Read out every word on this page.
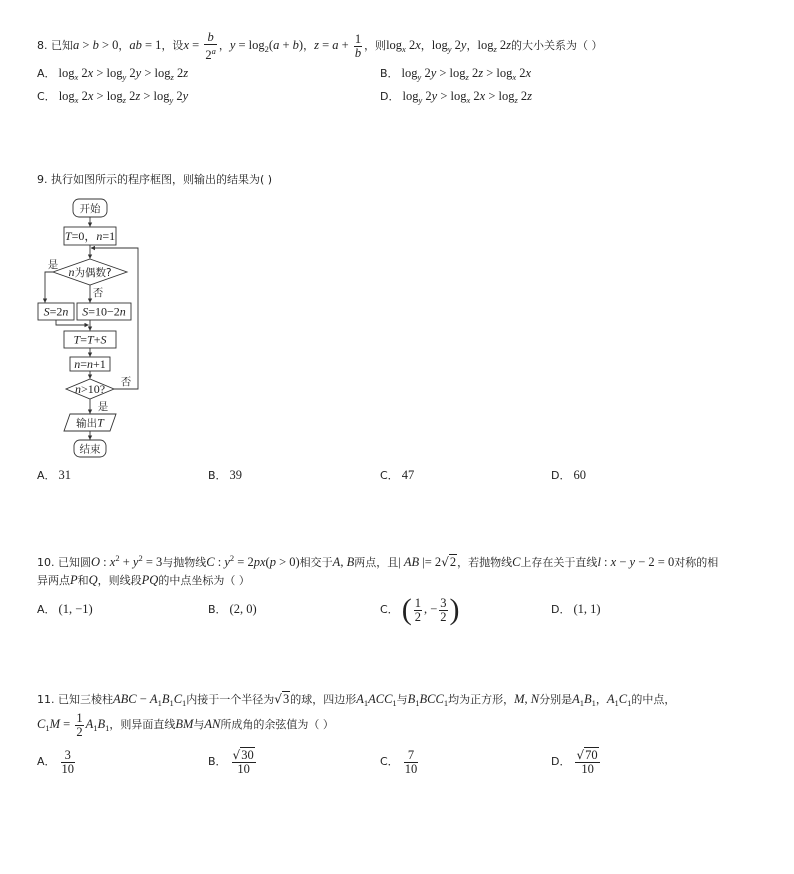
8. 已知a > b > 0，ab = 1，设$x = \frac{b}{2^a}$ ，$y = \log_2(a + b)$，$z = a + \frac{1}{b}$ ，则$\log_x 2x$，$\log_y 2y$，$\log_z 2z$的大小关系为（ ）
A． $\log_x 2x > \log_y 2y > \log_z 2z$	B． $\log_y 2y > \log_z 2z > \log_x 2x$
C． $\log_x 2x > \log_z 2z > \log_y 2y$	D． $\log_y 2y > \log_x 2x > \log_z 2z$
9. 执行如图所示的程序框图，则输出的结果为( )
开始
T=0，n=1
n为偶数?
是
否
S=2n S=10−2n
T=T+S
n=n+1
n>10? 否
是
输出T
结束
A． 31	B． 39	C． 47	D． 60
10. 已知圆O : $x^2 + y^2 = 3$与抛物线C : $y^2 = 2px(p > 0)$相交于A, B两点，且| AB |= 2√2，若抛物线C上存在关于直线l : x − y − 2 = 0对称的相
异两点P和Q，则线段PQ的中点坐标为（ ）
A． (1, −1)	B． (2, 0)	C． ( $\frac{1}{2}$ , − $\frac{3}{2}$ )	D． (1, 1)
11. 已知三棱柱ABC − $A_1B_1C_1$内接于一个半径为√3的球，四边形$A_1ACC_1$与$B_1BCC_1$均为正方形，M, N分别是$A_1B_1$，$A_1C_1$的中点，
$C_1M = \frac{1}{2} A_1B_1$，则异面直线BM与AN所成角的余弦值为（ ）
A． $\frac{3}{10}$	B． $\frac{√30}{10}$	C． $\frac{7}{10}$	D． $\frac{√70}{10}$
